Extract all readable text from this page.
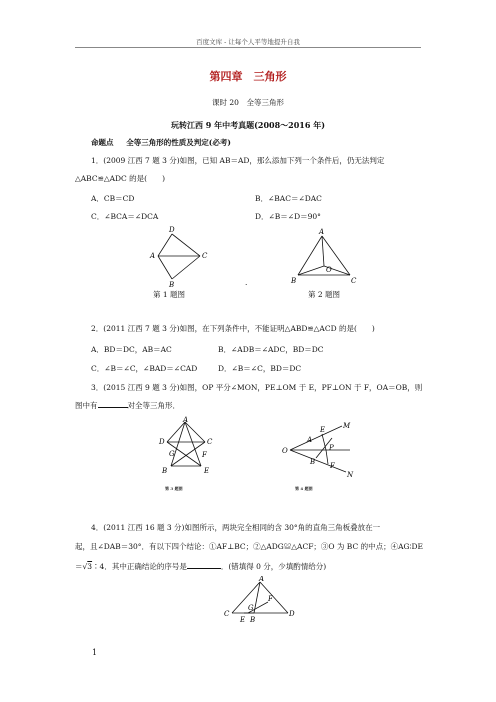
百度文库 - 让每个人平等地提升自我
第四章　三角形
课时 20　全等三角形
玩转江西 9 年中考真题(2008～2016 年)
命题点 全等三角形的性质及判定(必考)
1．(2009 江西 7 题 3 分)如图，已知 AB＝AD，那么添加下列一个条件后，仍无法判定
△ABC≌△ADC 的是(　　)
A．CB＝CD	B．∠BAC＝∠DAC
C．∠BCA＝∠DCA	D．∠B＝∠D＝90°
D
A	C
B
第 1 题图
.
A
O
B	C
第 2 题图
2．(2011 江西 7 题 3 分)如图，在下列条件中，不能证明△ABD≌△ACD 的是(　　)
A．BD＝DC，AB＝AC	B．∠ADB＝∠ADC，BD＝DC
C．∠B＝∠C，∠BAD＝∠CAD	D．∠B＝∠C，BD＝DC
3．(2015 江西 9 题 3 分)如图，OP 平分∠MON，PE⊥OM 于 E，PF⊥ON 于 F，OA＝OB，则
图中有	对全等三角形．
A
D
G
B
C
F
E
第 3 题图
M
E
A
P
O
B F
N
第 4 题图
4．(2011 江西 16 题 3 分)如图所示，两块完全相同的含 30°角的直角三角板叠放在一
起，且∠DAB＝30°．有以下四个结论：①AF⊥BC；②△ADG≌△ACF；③O 为 BC 的中点；④AG∶DE
＝√3∶4．其中正确结论的序号是	．(错填得 0 分，少填酌情给分)
A
F
G
C
E B
D
1
